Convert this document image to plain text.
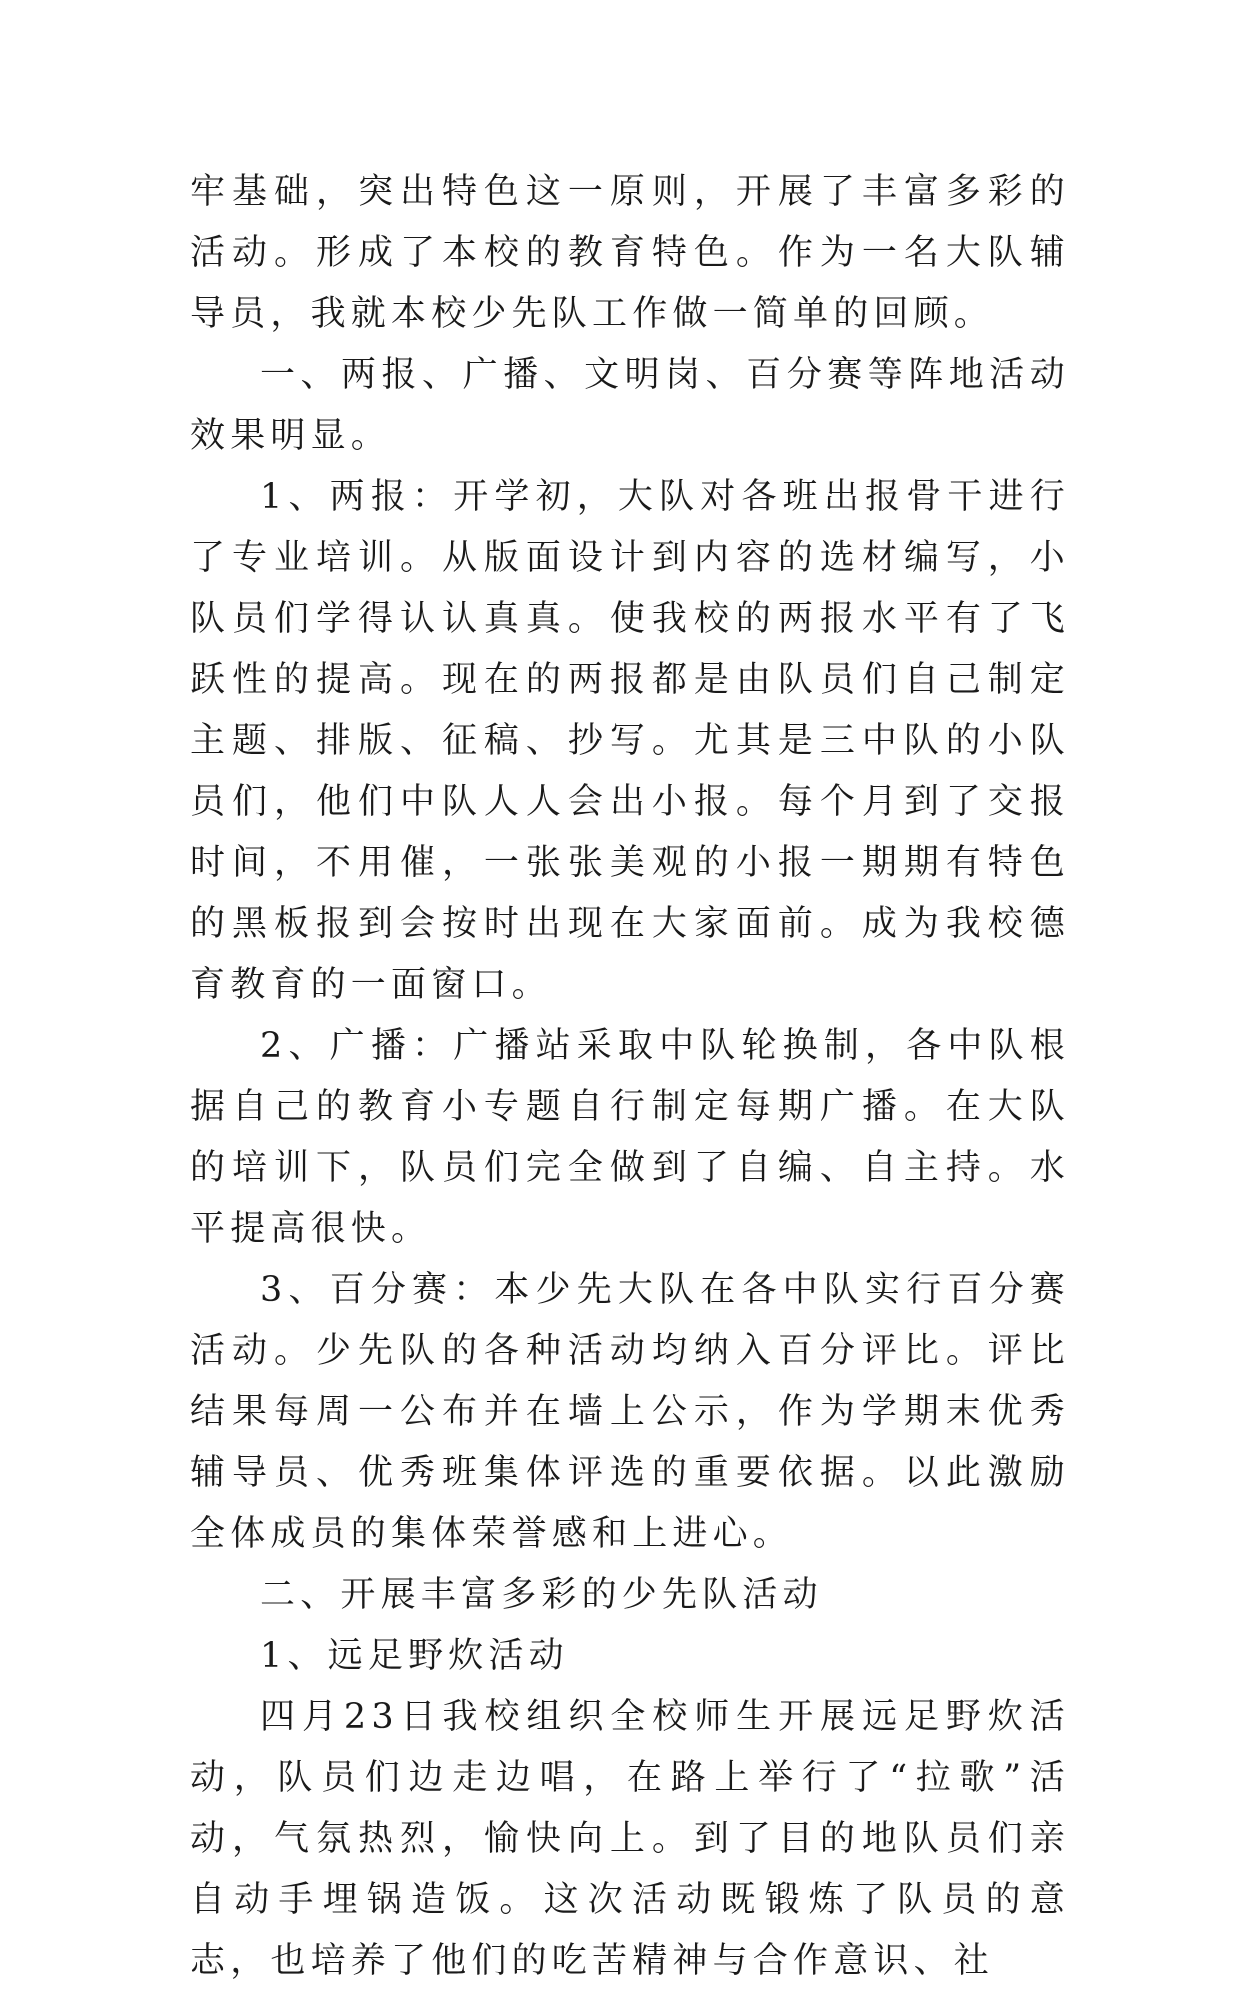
牢基础，突出特色这一原则，开展了丰富多彩的活动。形成了本校的教育特色。作为一名大队辅导员，我就本校少先队工作做一简单的回顾。

一、两报、广播、文明岗、百分赛等阵地活动效果明显。

1、两报：开学初，大队对各班出报骨干进行了专业培训。从版面设计到内容的选材编写，小队员们学得认认真真。使我校的两报水平有了飞跃性的提高。现在的两报都是由队员们自己制定主题、排版、征稿、抄写。尤其是三中队的小队员们，他们中队人人会出小报。每个月到了交报时间，不用催，一张张美观的小报一期期有特色的黑板报到会按时出现在大家面前。成为我校德育教育的一面窗口。

2、广播：广播站采取中队轮换制，各中队根据自己的教育小专题自行制定每期广播。在大队的培训下，队员们完全做到了自编、自主持。水平提高很快。

3、百分赛：本少先大队在各中队实行百分赛活动。少先队的各种活动均纳入百分评比。评比结果每周一公布并在墙上公示，作为学期末优秀辅导员、优秀班集体评选的重要依据。以此激励全体成员的集体荣誉感和上进心。

二、开展丰富多彩的少先队活动

1、远足野炊活动

四月23日我校组织全校师生开展远足野炊活动，队员们边走边唱，在路上举行了“拉歌”活动，气氛热烈，愉快向上。到了目的地队员们亲自动手埋锅造饭。这次活动既锻炼了队员的意志，也培养了他们的吃苦精神与合作意识、社
